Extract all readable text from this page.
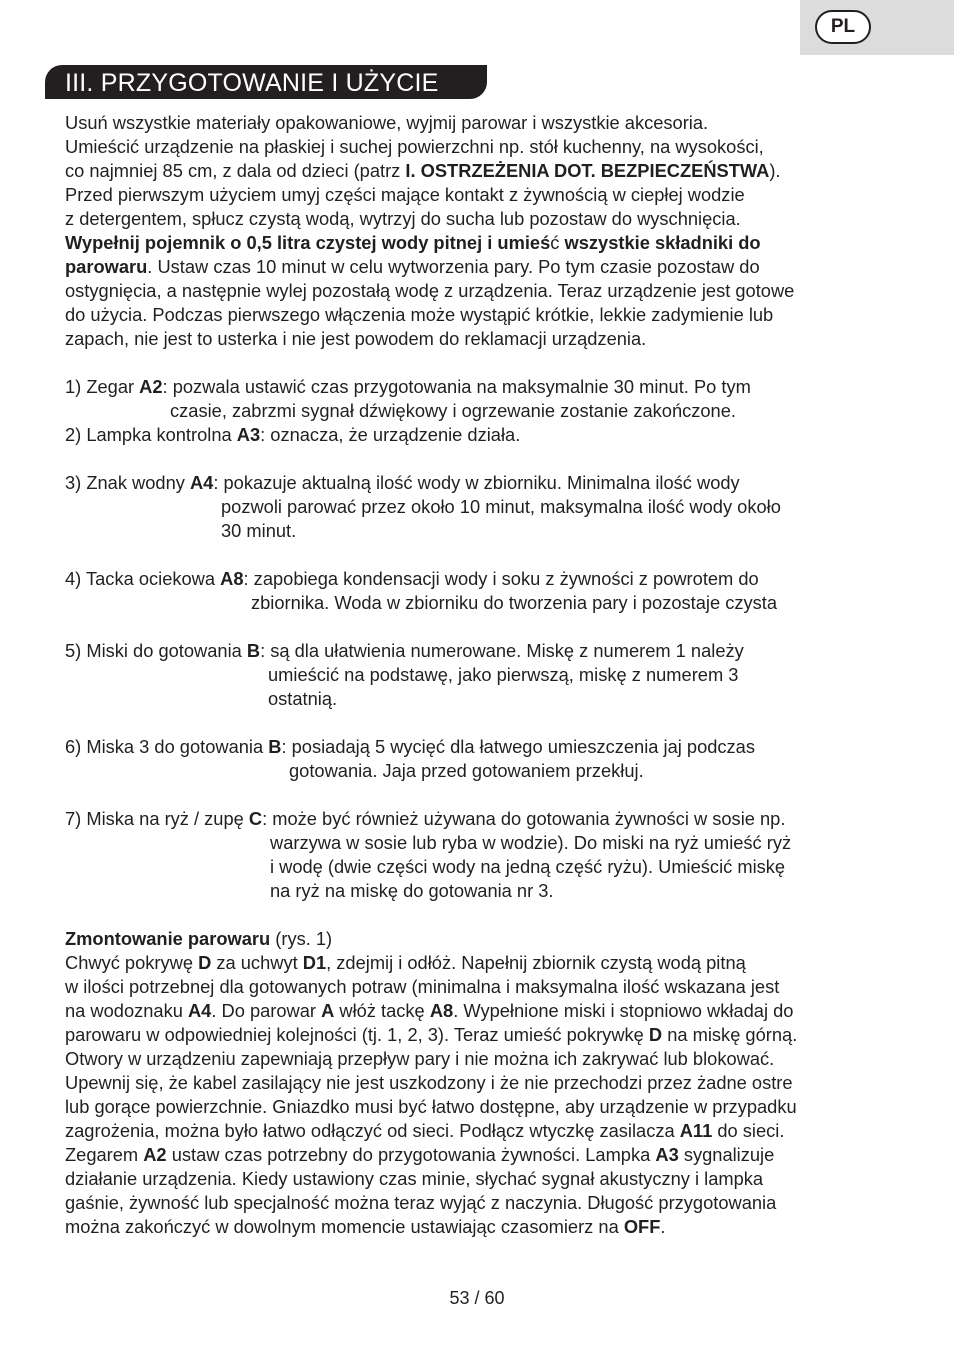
PL
III. PRZYGOTOWANIE I UŻYCIE
Usuń wszystkie materiały opakowaniowe, wyjmij parowar i wszystkie akcesoria.
Umieścić urządzenie na płaskiej i suchej powierzchni np. stół kuchenny, na wysokości,
co najmniej 85 cm, z dala od dzieci (patrz I. OSTRZEŻENIA DOT. BEZPIECZEŃSTWA).
Przed pierwszym użyciem umyj części mające kontakt z żywnością w ciepłej wodzie
z detergentem, spłucz czystą wodą, wytrzyj do sucha lub pozostaw do wyschnięcia.
Wypełnij pojemnik o 0,5 litra czystej wody pitnej i umieść wszystkie składniki do
parowaru. Ustaw czas 10 minut w celu wytworzenia pary. Po tym czasie pozostaw do
ostygnięcia, a następnie wylej pozostałą wodę z urządzenia. Teraz urządzenie jest gotowe
do użycia. Podczas pierwszego włączenia może wystąpić krótkie, lekkie zadymienie lub
zapach, nie jest to usterka i nie jest powodem do reklamacji urządzenia.
1) Zegar A2: pozwala ustawić czas przygotowania na maksymalnie 30 minut. Po tym
czasie, zabrzmi sygnał dźwiękowy i ogrzewanie zostanie zakończone.
2) Lampka kontrolna A3: oznacza, że urządzenie działa.
3) Znak wodny A4: pokazuje aktualną ilość wody w zbiorniku. Minimalna ilość wody
pozwoli parować przez około 10 minut, maksymalna ilość wody około
30 minut.
4) Tacka ociekowa A8: zapobiega kondensacji wody i soku z żywności z powrotem do
zbiornika. Woda w zbiorniku do tworzenia pary i pozostaje czysta
5) Miski do gotowania B: są dla ułatwienia numerowane. Miskę z numerem 1 należy
umieścić na podstawę, jako pierwszą, miskę z numerem 3
ostatnią.
6) Miska 3 do gotowania B: posiadają 5 wycięć dla łatwego umieszczenia jaj podczas
gotowania. Jaja przed gotowaniem przekłuj.
7) Miska na ryż / zupę C: może być również używana do gotowania żywności w sosie np.
warzywa w sosie lub ryba w wodzie). Do miski na ryż umieść ryż
i wodę (dwie części wody na jedną część ryżu). Umieścić miskę
na ryż na miskę do gotowania nr 3.
Zmontowanie parowaru (rys. 1)
Chwyć pokrywę D za uchwyt D1, zdejmij i odłóż. Napełnij zbiornik czystą wodą pitną
w ilości potrzebnej dla gotowanych potraw (minimalna i maksymalna ilość wskazana jest
na wodoznaku A4. Do parowar A włóż tackę A8. Wypełnione miski i stopniowo wkładaj do
parowaru w odpowiedniej kolejności (tj. 1, 2, 3). Teraz umieść pokrywkę D na miskę górną.
Otwory w urządzeniu zapewniają przepływ pary i nie można ich zakrywać lub blokować.
Upewnij się, że kabel zasilający nie jest uszkodzony i że nie przechodzi przez żadne ostre
lub gorące powierzchnie. Gniazdko musi być łatwo dostępne, aby urządzenie w przypadku
zagrożenia, można było łatwo odłączyć od sieci. Podłącz wtyczkę zasilacza A11 do sieci.
Zegarem A2 ustaw czas potrzebny do przygotowania żywności. Lampka A3 sygnalizuje
działanie urządzenia. Kiedy ustawiony czas minie, słychać sygnał akustyczny i lampka
gaśnie, żywność lub specjalność można teraz wyjąć z naczynia. Długość przygotowania
można zakończyć w dowolnym momencie ustawiając czasomierz na OFF.
53 / 60
